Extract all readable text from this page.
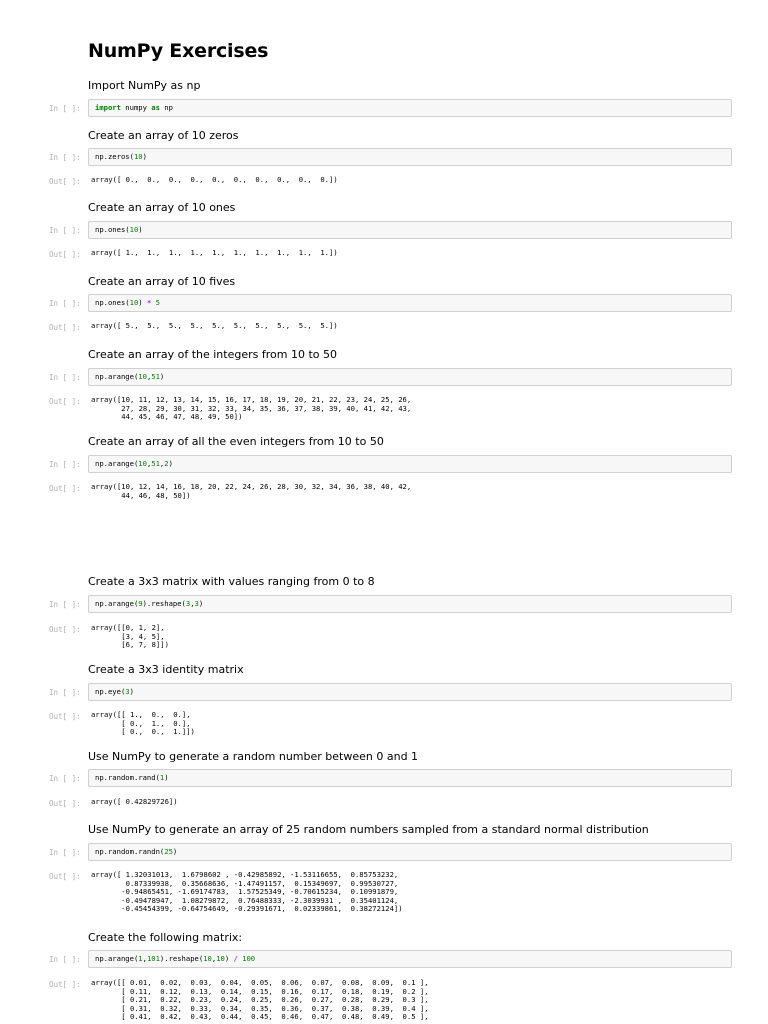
NumPy Exercises
Import NumPy as np
In [ ]:	import numpy as np
Create an array of 10 zeros
In [ ]:	np.zeros(10)
Out[ ]: array([ 0.,  0.,  0.,  0.,  0.,  0.,  0.,  0.,  0.,  0.])
Create an array of 10 ones
In [ ]:	np.ones(10)
Out[ ]: array([ 1.,  1.,  1.,  1.,  1.,  1.,  1.,  1.,  1.,  1.])
Create an array of 10 fives
In [ ]:	np.ones(10) * 5
Out[ ]: array([ 5.,  5.,  5.,  5.,  5.,  5.,  5.,  5.,  5.,  5.])
Create an array of the integers from 10 to 50
In [ ]:	np.arange(10,51)
Out[ ]: array([10, 11, 12, 13, 14, 15, 16, 17, 18, 19, 20, 21, 22, 23, 24, 25, 26,
27, 28, 29, 30, 31, 32, 33, 34, 35, 36, 37, 38, 39, 40, 41, 42, 43,
44, 45, 46, 47, 48, 49, 50])
Create an array of all the even integers from 10 to 50
In [ ]:	np.arange(10,51,2)
Out[ ]: array([10, 12, 14, 16, 18, 20, 22, 24, 26, 28, 30, 32, 34, 36, 38, 40, 42,
44, 46, 48, 50])
Create a 3x3 matrix with values ranging from 0 to 8
In [ ]:	np.arange(9).reshape(3,3)
Out[ ]: array([[0, 1, 2],
[3, 4, 5],
[6, 7, 8]])
Create a 3x3 identity matrix
In [ ]:	np.eye(3)
Out[ ]: array([[ 1.,  0.,  0.],
[ 0.,  1.,  0.],
[ 0.,  0.,  1.]])
Use NumPy to generate a random number between 0 and 1
In [ ]:	np.random.rand(1)
Out[ ]: array([ 0.42829726])
Use NumPy to generate an array of 25 random numbers sampled from a standard normal distribution
In [ ]:	np.random.randn(25)
Out[ ]: array([ 1.32031013,  1.6798602 , -0.42985892, -1.53116655,  0.85753232,
0.87339938,  0.35668636, -1.47491157,  0.15349697,  0.99530727,
-0.94865451, -1.69174783,  1.57525349, -0.70615234,  0.10991879,
-0.49478947,  1.08279872,  0.76488333, -2.3039931 ,  0.35401124,
-0.45454399, -0.64754649, -0.29391671,  0.02339861,  0.38272124])
Create the following matrix:
In [ ]:	np.arange(1,101).reshape(10,10) / 100
Out[ ]: array([[ 0.01,  0.02,  0.03,  0.04,  0.05,  0.06,  0.07,  0.08,  0.09,  0.1 ],
[ 0.11,  0.12,  0.13,  0.14,  0.15,  0.16,  0.17,  0.18,  0.19,  0.2 ],
[ 0.21,  0.22,  0.23,  0.24,  0.25,  0.26,  0.27,  0.28,  0.29,  0.3 ],
[ 0.31,  0.32,  0.33,  0.34,  0.35,  0.36,  0.37,  0.38,  0.39,  0.4 ],
[ 0.41,  0.42,  0.43,  0.44,  0.45,  0.46,  0.47,  0.48,  0.49,  0.5 ],
